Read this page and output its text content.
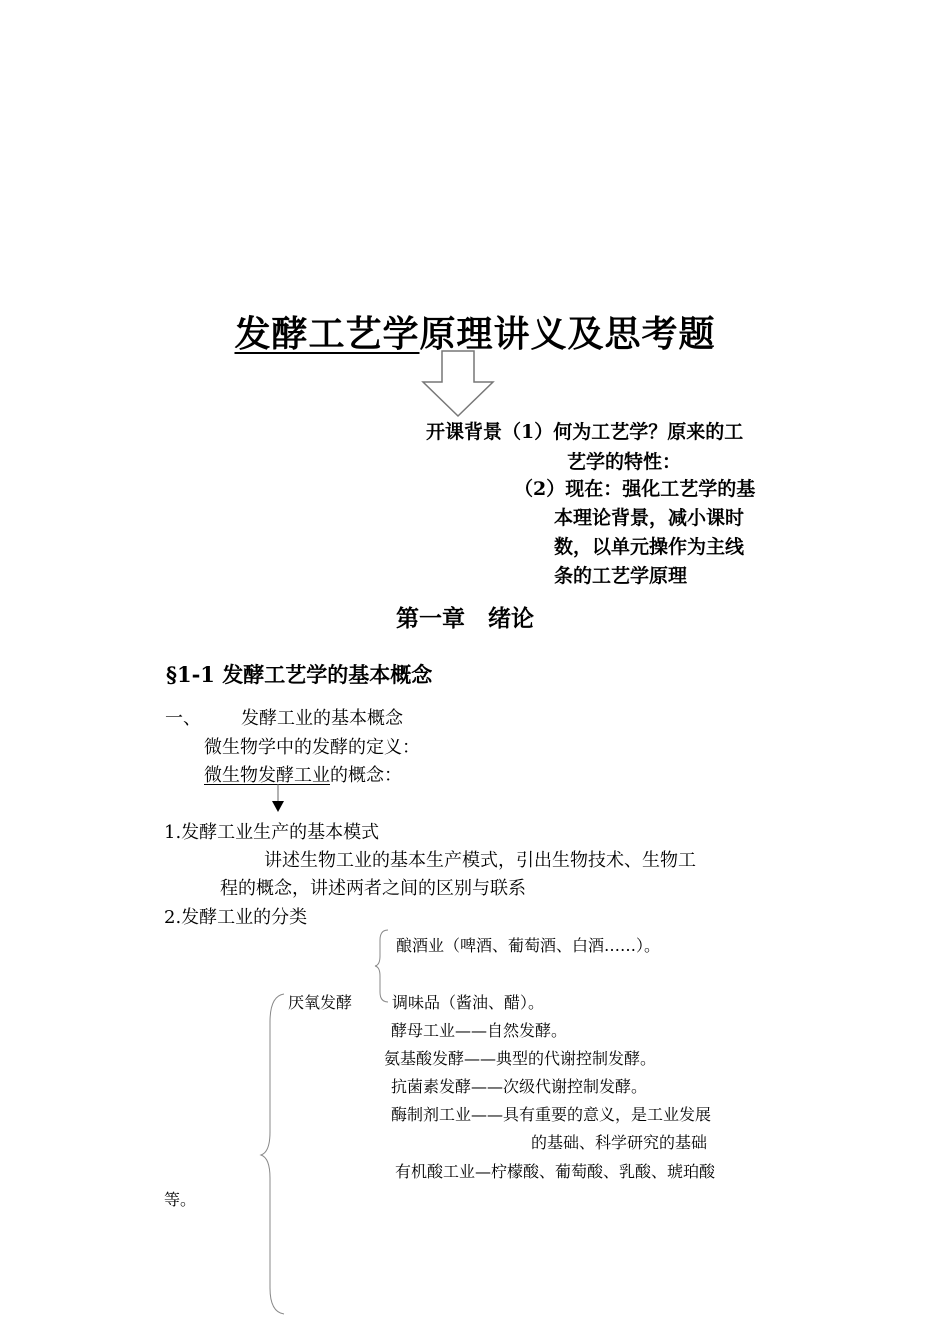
发酵工艺学原理讲义及思考题
开课背景（1）何为工艺学？原来的工
艺学的特性：
（2）现在：强化工艺学的基
本理论背景，减小课时
数，以单元操作为主线
条的工艺学原理
第一章　绪论
§1-1 发酵工艺学的基本概念
一、 发酵工业的基本概念
微生物学中的发酵的定义：
微生物发酵工业的概念：
1.发酵工业生产的基本模式
讲述生物工业的基本生产模式，引出生物技术、生物工
程的概念，讲述两者之间的区别与联系
2.发酵工业的分类
酿酒业（啤酒、葡萄酒、白酒……）。
厌氧发酵 调味品（酱油、醋）。
酵母工业——自然发酵。
氨基酸发酵——典型的代谢控制发酵。
抗菌素发酵——次级代谢控制发酵。
酶制剂工业——具有重要的意义，是工业发展
的基础、科学研究的基础
有机酸工业—柠檬酸、葡萄酸、乳酸、琥珀酸
等。
